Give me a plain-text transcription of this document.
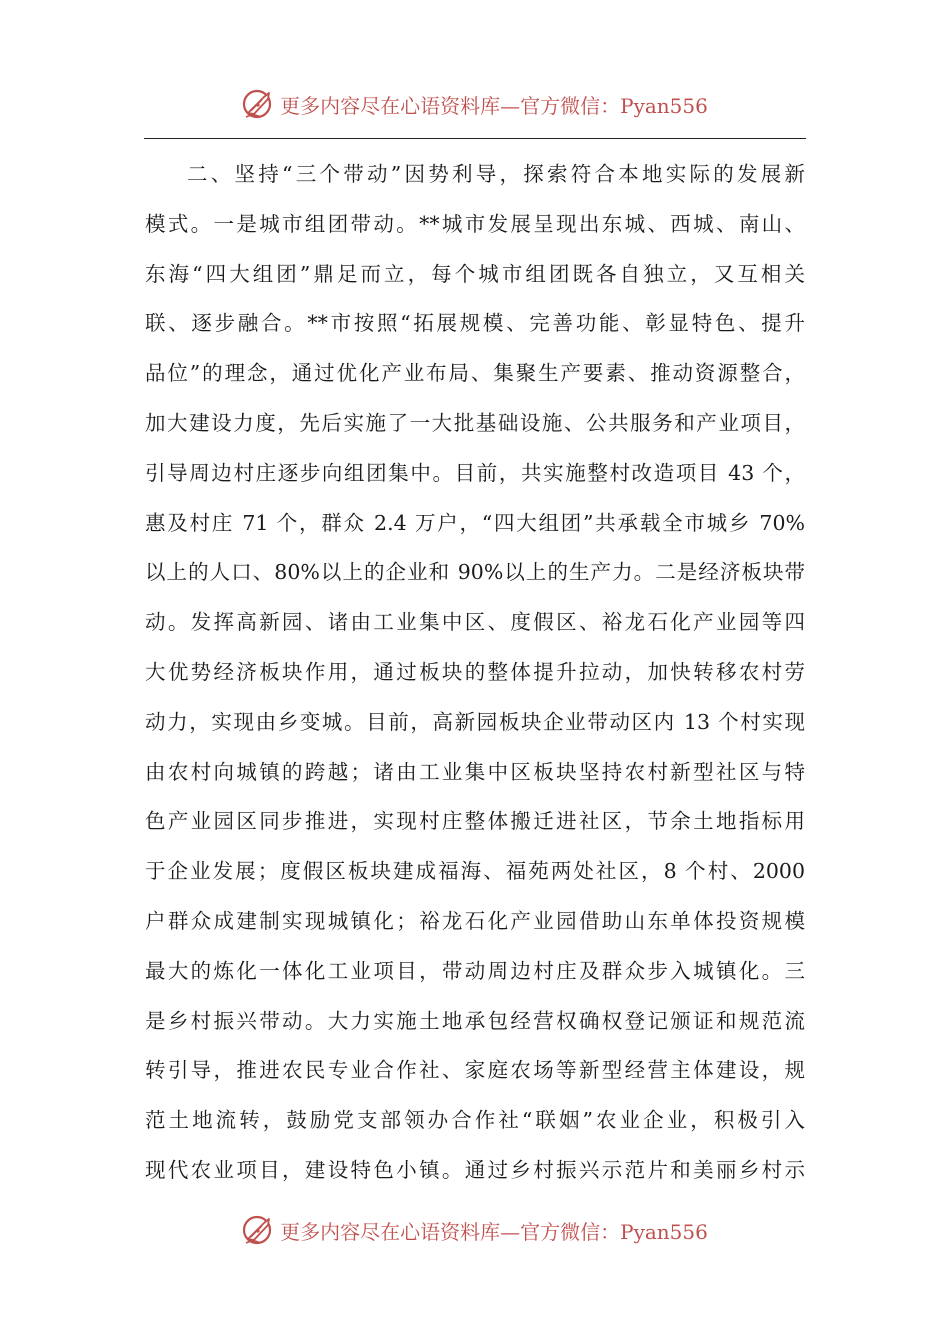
更多内容尽在心语资料库—官方微信：Pyan556
二、坚持“三个带动”因势利导，探索符合本地实际的发展新
模式。一是城市组团带动。**城市发展呈现出东城、西城、南山、
东海“四大组团”鼎足而立，每个城市组团既各自独立，又互相关
联、逐步融合。**市按照“拓展规模、完善功能、彰显特色、提升
品位”的理念，通过优化产业布局、集聚生产要素、推动资源整合，
加大建设力度，先后实施了一大批基础设施、公共服务和产业项目，
引导周边村庄逐步向组团集中。目前，共实施整村改造项目 43 个，
惠及村庄 71 个，群众 2.4 万户，“四大组团”共承载全市城乡 70%
以上的人口、80%以上的企业和 90%以上的生产力。二是经济板块带
动。发挥高新园、诸由工业集中区、度假区、裕龙石化产业园等四
大优势经济板块作用，通过板块的整体提升拉动，加快转移农村劳
动力，实现由乡变城。目前，高新园板块企业带动区内 13 个村实现
由农村向城镇的跨越；诸由工业集中区板块坚持农村新型社区与特
色产业园区同步推进，实现村庄整体搬迁进社区，节余土地指标用
于企业发展；度假区板块建成福海、福苑两处社区，8 个村、2000
户群众成建制实现城镇化；裕龙石化产业园借助山东单体投资规模
最大的炼化一体化工业项目，带动周边村庄及群众步入城镇化。三
是乡村振兴带动。大力实施土地承包经营权确权登记颁证和规范流
转引导，推进农民专业合作社、家庭农场等新型经营主体建设，规
范土地流转，鼓励党支部领办合作社“联姻”农业企业，积极引入
现代农业项目，建设特色小镇。通过乡村振兴示范片和美丽乡村示
更多内容尽在心语资料库—官方微信：Pyan556
